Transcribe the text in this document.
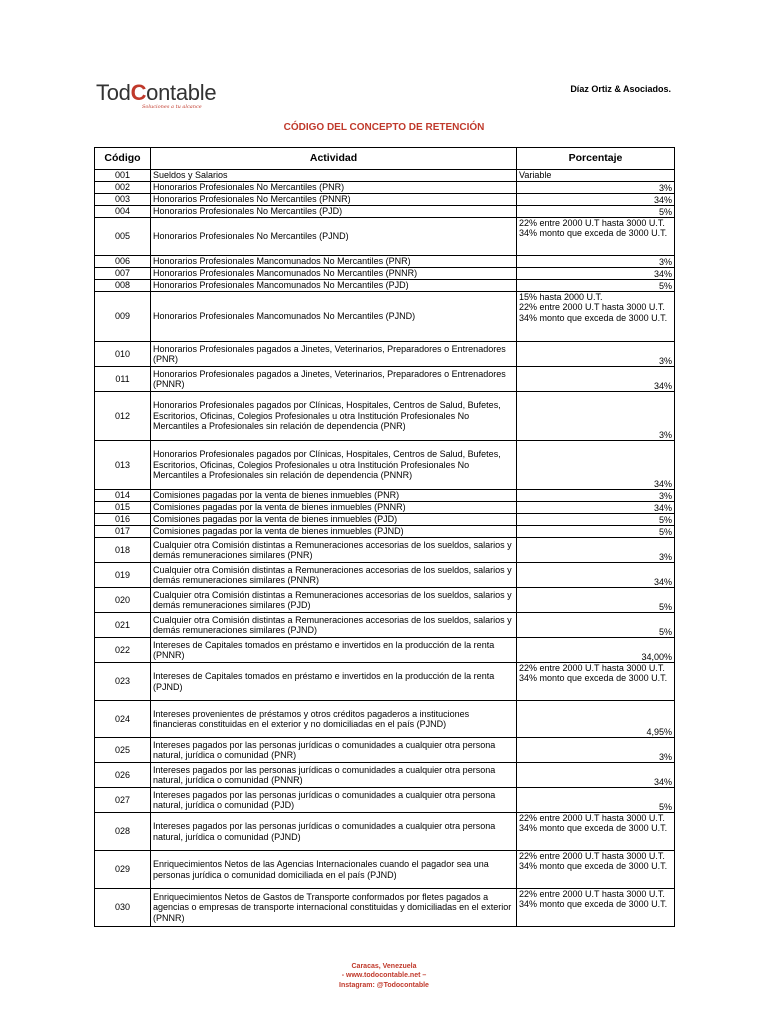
TodContable
Soluciones a tu alcance
Díaz Ortiz & Asociados.
CÓDIGO DEL CONCEPTO DE RETENCIÓN
Código	Actividad	Porcentaje
001	Sueldos y Salarios	Variable
002	Honorarios Profesionales No Mercantiles (PNR)	3%
003	Honorarios Profesionales No Mercantiles (PNNR)	34%
004	Honorarios Profesionales No Mercantiles (PJD)	5%
005	Honorarios Profesionales No Mercantiles (PJND)	22% entre 2000 U.T hasta 3000 U.T. 34% monto que exceda de 3000 U.T.
006	Honorarios Profesionales Mancomunados No Mercantiles (PNR)	3%
007	Honorarios Profesionales Mancomunados No Mercantiles (PNNR)	34%
008	Honorarios Profesionales Mancomunados No Mercantiles (PJD)	5%
009	Honorarios Profesionales Mancomunados No Mercantiles (PJND)	15% hasta 2000 U.T.
22% entre 2000 U.T hasta 3000 U.T. 34% monto que exceda de 3000 U.T.
010	Honorarios Profesionales pagados a Jinetes, Veterinarios, Preparadores o Entrenadores (PNR)	3%
011	Honorarios Profesionales pagados a Jinetes, Veterinarios, Preparadores o Entrenadores (PNNR)	34%
012	Honorarios Profesionales pagados por Clínicas, Hospitales, Centros de Salud, Bufetes, Escritorios, Oficinas, Colegios Profesionales u otra Institución Profesionales No Mercantiles a Profesionales sin relación de dependencia (PNR)	3%
013	Honorarios Profesionales pagados por Clínicas, Hospitales, Centros de Salud, Bufetes, Escritorios, Oficinas, Colegios Profesionales u otra Institución Profesionales No Mercantiles a Profesionales sin relación de dependencia (PNNR)	34%
014	Comisiones pagadas por la venta de bienes inmuebles (PNR)	3%
015	Comisiones pagadas por la venta de bienes inmuebles (PNNR)	34%
016	Comisiones pagadas por la venta de bienes inmuebles (PJD)	5%
017	Comisiones pagadas por la venta de bienes inmuebles (PJND)	5%
018	Cualquier otra Comisión distintas a Remuneraciones accesorias de los sueldos, salarios y demás remuneraciones similares (PNR)	3%
019	Cualquier otra Comisión distintas a Remuneraciones accesorias de los sueldos, salarios y demás remuneraciones similares (PNNR)	34%
020	Cualquier otra Comisión distintas a Remuneraciones accesorias de los sueldos, salarios y demás remuneraciones similares (PJD)	5%
021	Cualquier otra Comisión distintas a Remuneraciones accesorias de los sueldos, salarios y demás remuneraciones similares (PJND)	5%
022	Intereses de Capitales tomados en préstamo e invertidos en la producción de la renta (PNNR)	34,00%
023	Intereses de Capitales tomados en préstamo e invertidos en la producción de la renta (PJND)	22% entre 2000 U.T hasta 3000 U.T. 34% monto que exceda de 3000 U.T.
024	Intereses provenientes de préstamos y otros créditos pagaderos a instituciones financieras constituidas en el exterior y no domiciliadas en el país (PJND)	4,95%
025	Intereses pagados por las personas jurídicas o comunidades a cualquier otra persona natural, jurídica o comunidad (PNR)	3%
026	Intereses pagados por las personas jurídicas o comunidades a cualquier otra persona natural, jurídica o comunidad (PNNR)	34%
027	Intereses pagados por las personas jurídicas o comunidades a cualquier otra persona natural, jurídica o comunidad (PJD)	5%
028	Intereses pagados por las personas jurídicas o comunidades a cualquier otra persona natural, jurídica o comunidad (PJND)	22% entre 2000 U.T hasta 3000 U.T. 34% monto que exceda de 3000 U.T.
029	Enriquecimientos Netos de las Agencias Internacionales cuando el pagador sea una personas jurídica o comunidad domiciliada en el país (PJND)	22% entre 2000 U.T hasta 3000 U.T. 34% monto que exceda de 3000 U.T.
030	Enriquecimientos Netos de Gastos de Transporte conformados por fletes pagados a agencias o empresas de transporte internacional constituidas y domiciliadas en el exterior (PNNR)	22% entre 2000 U.T hasta 3000 U.T. 34% monto que exceda de 3000 U.T.
Caracas, Venezuela
- www.todocontable.net –
Instagram: @Todocontable
